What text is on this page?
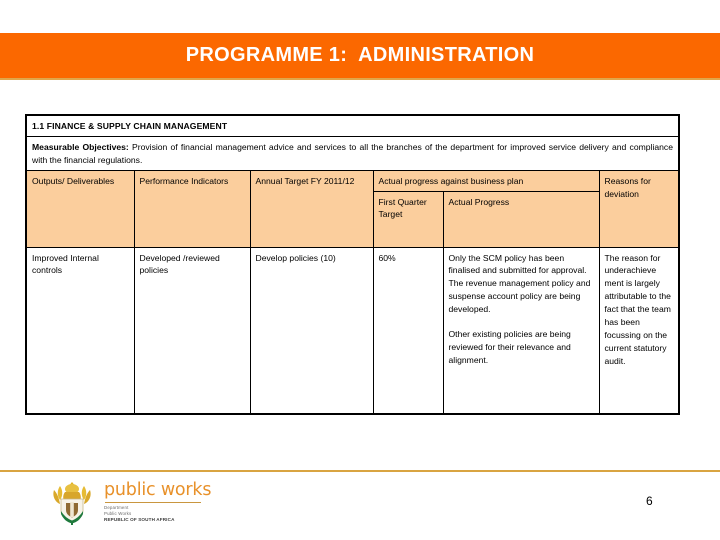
PROGRAMME 1:  ADMINISTRATION
1.1 FINANCE & SUPPLY CHAIN MANAGEMENT					
Measurable Objectives: Provision of financial management advice and services to all the branches of the department for improved service delivery and compliance with the financial regulations.					
Outputs/ Deliverables	Performance Indicators	Annual Target FY 2011/12	Actual progress against business plan		Reasons for deviation
			First Quarter Target	Actual Progress	
Improved Internal controls	Developed /reviewed policies	Develop policies (10)	60%	Only the SCM policy has been finalised and submitted for approval.

The revenue management policy and suspense account policy are being developed.

Other existing policies are being reviewed for their relevance and alignment.	The reason for underachieve ment is largely attributable to the fact that the team has been focussing on the current statutory audit.
public works
Department
Public Works
REPUBLIC OF SOUTH AFRICA
6
